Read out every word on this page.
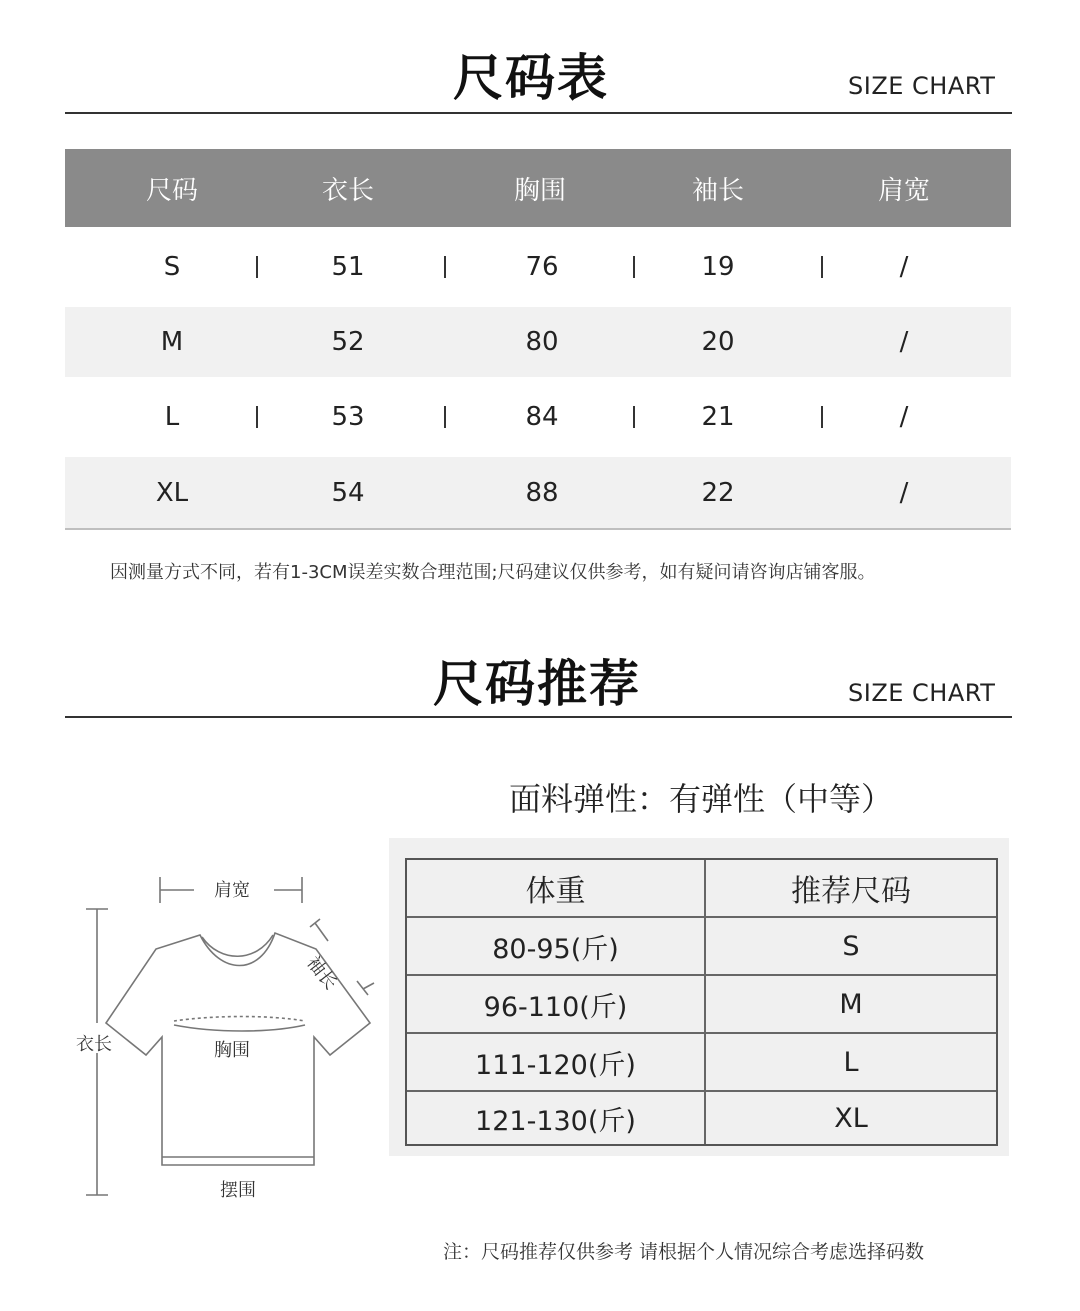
尺码表	SIZE CHART
尺码	衣长	胸围	袖长	肩宽
S	51	76	19	/
M	52	80	20	/
L	53	84	21	/
XL	54	88	22	/
因测量方式不同，若有1-3CM误差实数合理范围;尺码建议仅供参考，如有疑问请咨询店铺客服。
尺码推荐	SIZE CHART
面料弹性：有弹性（中等）
肩宽
袖长
衣长	胸围
摆围
体重	推荐尺码
80-95(斤)	S
96-110(斤)	M
111-120(斤)	L
121-130(斤)	XL
注：尺码推荐仅供参考 请根据个人情况综合考虑选择码数
